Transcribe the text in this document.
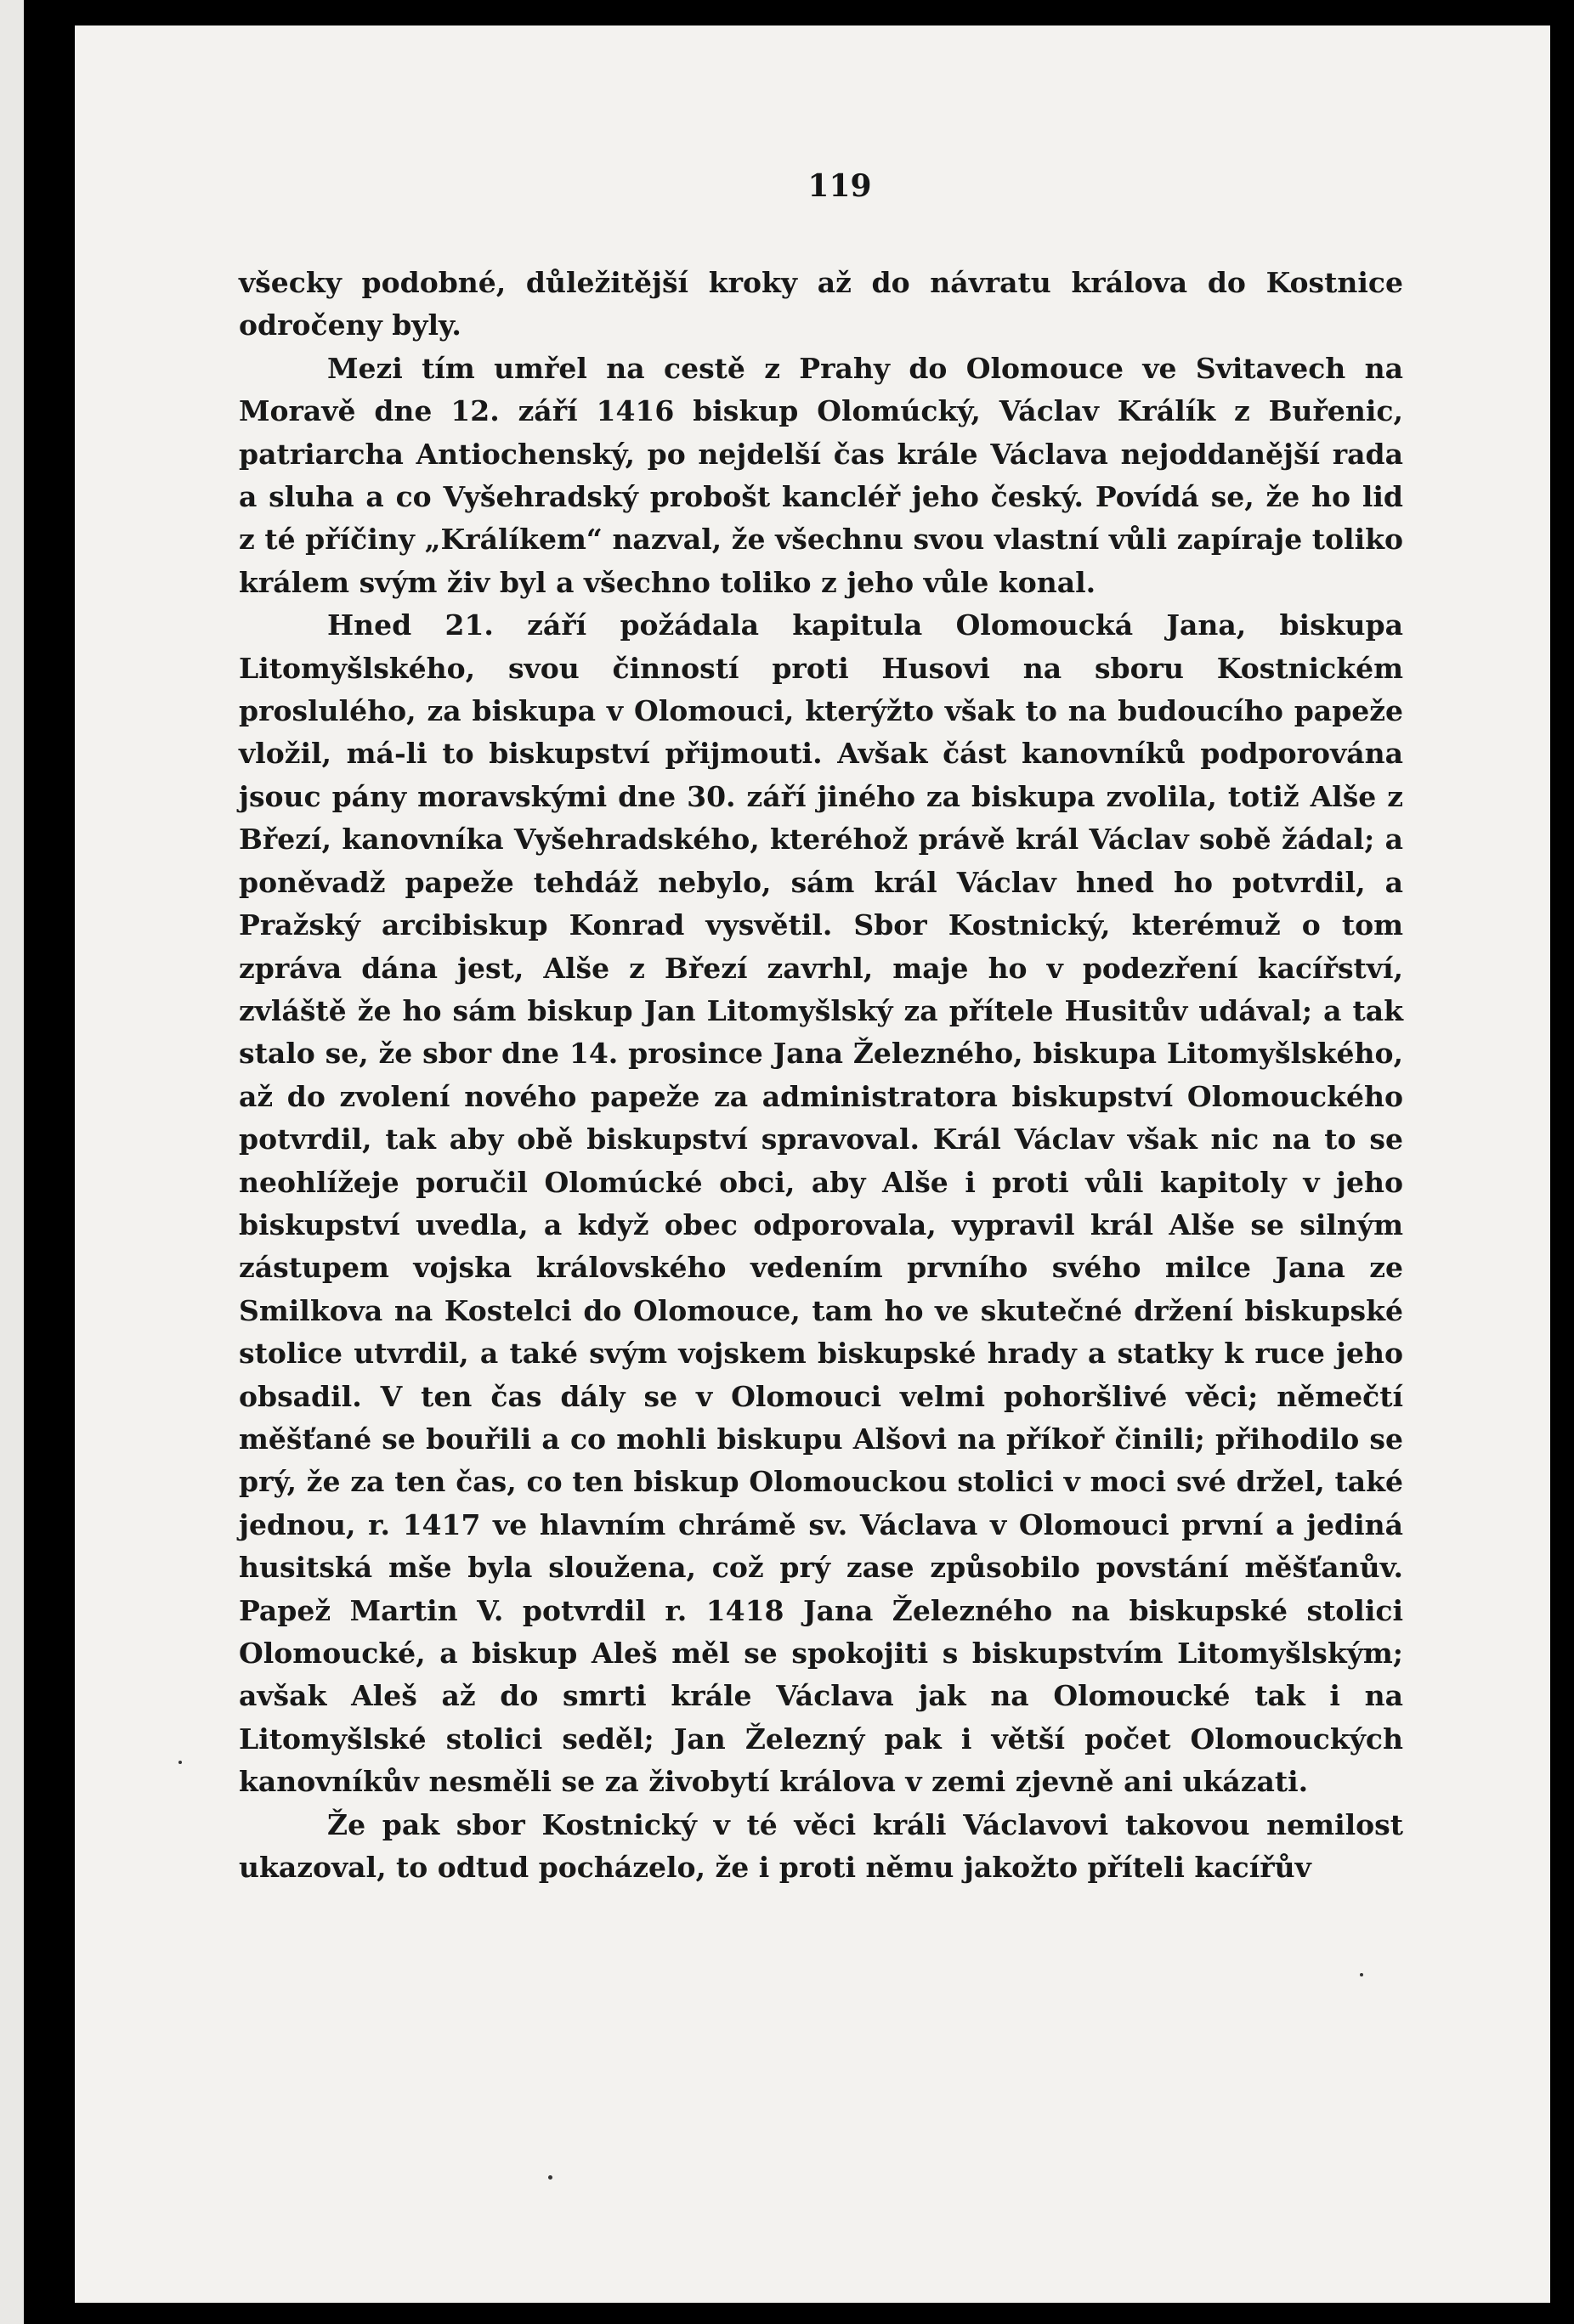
119

všecky podobné, důležitější kroky až do návratu králova do Kostnice odročeny byly.

Mezi tím umřel na cestě z Prahy do Olomouce ve Svitavech na Moravě dne 12. září 1416 biskup Olomúcký, Václav Králík z Buřenic, patriarcha Antiochenský, po nejdelší čas krále Václava nejoddanější rada a sluha a co Vyšehradský probošt kancléř jeho český. Povídá se, že ho lid z té příčiny „Králíkem“ nazval, že všechnu svou vlastní vůli zapíraje toliko králem svým živ byl a všechno toliko z jeho vůle konal.

Hned 21. září požádala kapitula Olomoucká Jana, biskupa Litomyšlského, svou činností proti Husovi na sboru Kostnickém proslulého, za biskupa v Olomouci, kterýžto však to na budoucího papeže vložil, má-li to biskupství přijmouti. Avšak část kanovníků podporována jsouc pány moravskými dne 30. září jiného za biskupa zvolila, totiž Alše z Březí, kanovníka Vyšehradského, kteréhož právě král Václav sobě žádal; a poněvadž papeže tehdáž nebylo, sám král Václav hned ho potvrdil, a Pražský arcibiskup Konrad vysvětil. Sbor Kostnický, kterémuž o tom zpráva dána jest, Alše z Březí zavrhl, maje ho v podezření kacířství, zvláště že ho sám biskup Jan Litomyšlský za přítele Husitův udával; a tak stalo se, že sbor dne 14. prosince Jana Železného, biskupa Litomyšlského, až do zvolení nového papeže za administratora biskupství Olomouckého potvrdil, tak aby obě biskupství spravoval. Král Václav však nic na to se neohlížeje poručil Olomúcké obci, aby Alše i proti vůli kapitoly v jeho biskupství uvedla, a když obec odporovala, vypravil král Alše se silným zástupem vojska královského vedením prvního svého milce Jana ze Smilkova na Kostelci do Olomouce, tam ho ve skutečné držení biskupské stolice utvrdil, a také svým vojskem biskupské hrady a statky k ruce jeho obsadil. V ten čas dály se v Olomouci velmi pohoršlivé věci; němečtí měšťané se bouřili a co mohli biskupu Alšovi na příkoř činili; přihodilo se prý, že za ten čas, co ten biskup Olomouckou stolici v moci své držel, také jednou, r. 1417 ve hlavním chrámě sv. Václava v Olomouci první a jediná husitská mše byla sloužena, což prý zase způsobilo povstání měšťanův. Papež Martin V. potvrdil r. 1418 Jana Železného na biskupské stolici Olomoucké, a biskup Aleš měl se spokojiti s biskupstvím Litomyšlským; avšak Aleš až do smrti krále Václava jak na Olomoucké tak i na Litomyšlské stolici seděl; Jan Železný pak i větší počet Olomouckých kanovníkův nesměli se za živobytí králova v zemi zjevně ani ukázati.

Že pak sbor Kostnický v té věci králi Václavovi takovou nemilost ukazoval, to odtud pocházelo, že i proti němu jakožto příteli kacířův
